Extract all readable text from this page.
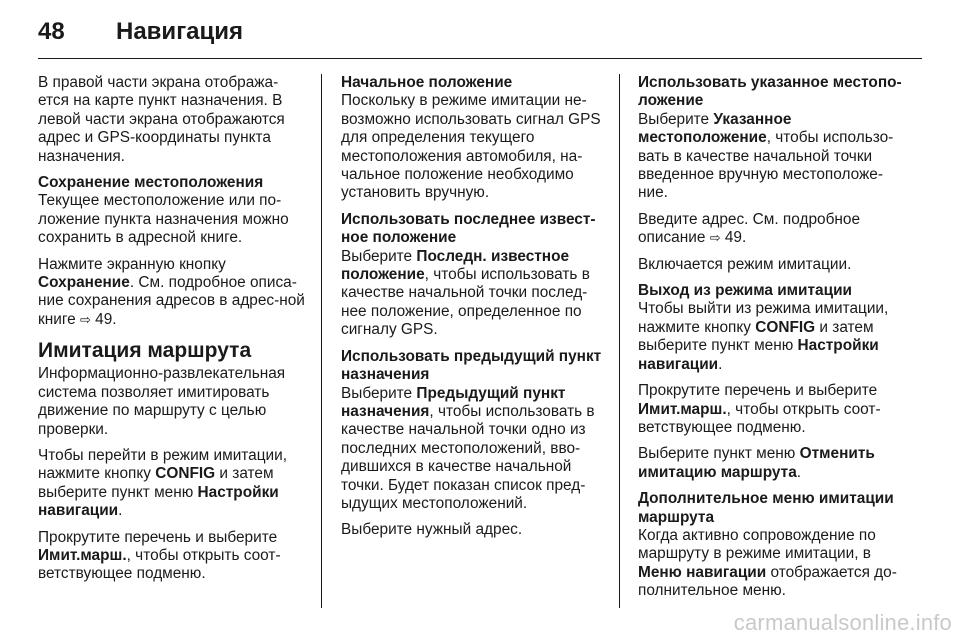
48	Навигация
В правой части экрана отобража-ется на карте пункт назначения. В левой части экрана отображаются адрес и GPS-координаты пункта назначения.
Сохранение местоположения
Текущее местоположение или по-ложение пункта назначения можно сохранить в адресной книге.
Нажмите экранную кнопку Сохранение. См. подробное описа-ние сохранения адресов в адрес-ной книге ⇨ 49.
Имитация маршрута
Информационно-развлекательная система позволяет имитировать движение по маршруту с целью проверки.
Чтобы перейти в режим имитации, нажмите кнопку CONFIG и затем выберите пункт меню Настройки навигации.
Прокрутите перечень и выберите Имит.марш., чтобы открыть соот-ветствующее подменю.
Начальное положение
Поскольку в режиме имитации не-возможно использовать сигнал GPS для определения текущего местоположения автомобиля, на-чальное положение необходимо установить вручную.
Использовать последнее извест-ное положение
Выберите Последн. известное положение, чтобы использовать в качестве начальной точки послед-нее положение, определенное по сигналу GPS.
Использовать предыдущий пункт назначения
Выберите Предыдущий пункт назначения, чтобы использовать в качестве начальной точки одно из последних местоположений, вво-дившихся в качестве начальной точки. Будет показан список пред-ыдущих местоположений.
Выберите нужный адрес.
Использовать указанное местопо-ложение
Выберите Указанное местоположение, чтобы использо-вать в качестве начальной точки введенное вручную местоположе-ние.
Введите адрес. См. подробное описание ⇨ 49.
Включается режим имитации.
Выход из режима имитации
Чтобы выйти из режима имитации, нажмите кнопку CONFIG и затем выберите пункт меню Настройки навигации.
Прокрутите перечень и выберите Имит.марш., чтобы открыть соот-ветствующее подменю.
Выберите пункт меню Отменить имитацию маршрута.
Дополнительное меню имитации маршрута
Когда активно сопровождение по маршруту в режиме имитации, в Меню навигации отображается до-полнительное меню.
carmanualsonline.info
